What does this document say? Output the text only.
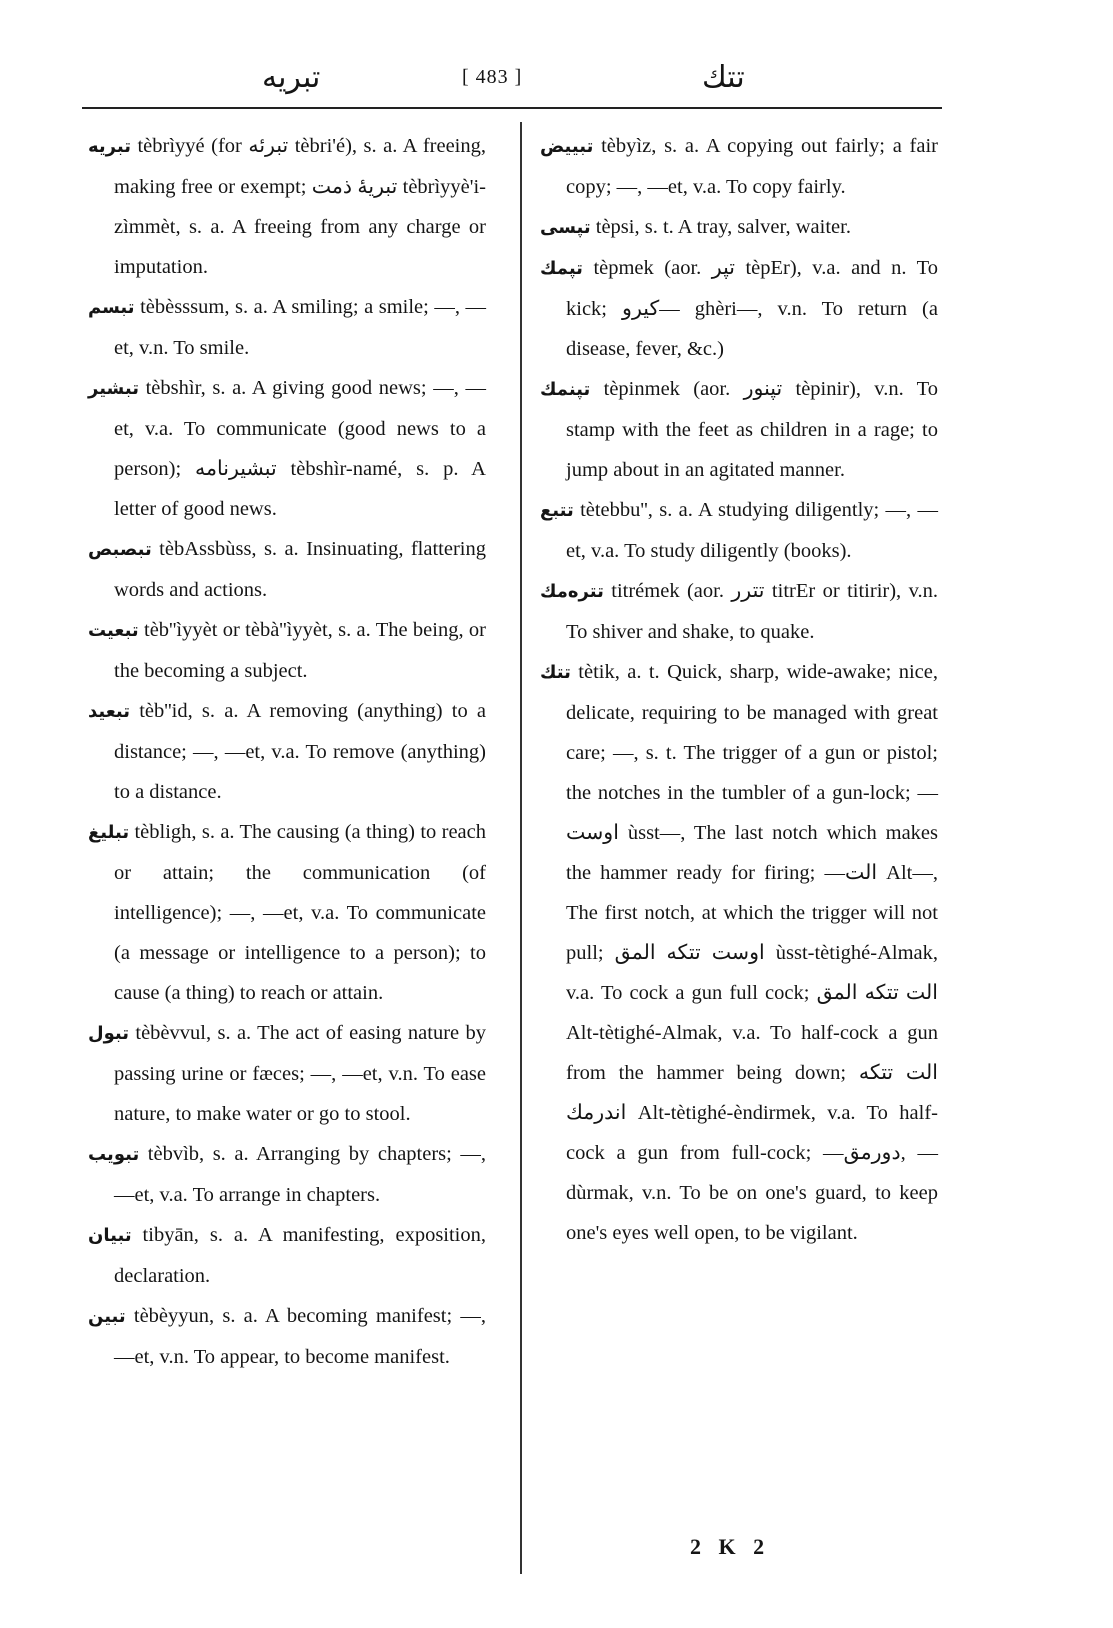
تبريه	[ 483 ]	تتك

تبريه tèbrìyyé (for تبرئه tèbri'é), s. a. A freeing, making free or exempt; تبريهٔ ذمت tèbrìyyè'i-zìmmèt, s. a. A freeing from any charge or imputation.

تبسم tèbèsssum, s. a. A smiling; a smile; —, —et, v.n. To smile.

تبشير tèbshìr, s. a. A giving good news; —, —et, v.a. To communicate (good news to a person); تبشيرنامه tèbshìr-namé, s. p. A letter of good news.

تبصبص tèbAssbùss, s. a. Insinuating, flattering words and actions.

تبعيت tèb''ìyyèt or tèbà''ìyyèt, s. a. The being, or the becoming a subject.

تبعيد tèb''id, s. a. A removing (anything) to a distance; —, —et, v.a. To remove (anything) to a distance.

تبليغ tèbligh, s. a. The causing (a thing) to reach or attain; the communication (of intelligence); —, —et, v.a. To communicate (a message or intelligence to a person); to cause (a thing) to reach or attain.

تبول tèbèvvul, s. a. The act of easing nature by passing urine or fæces; —, —et, v.n. To ease nature, to make water or go to stool.

تبويب tèbvìb, s. a. Arranging by chapters; —, —et, v.a. To arrange in chapters.

تبيان tibyān, s. a. A manifesting, exposition, declaration.

تبين tèbèyyun, s. a. A becoming manifest; —, —et, v.n. To appear, to become manifest.

تبييض tèbyìz, s. a. A copying out fairly; a fair copy; —, —et, v.a. To copy fairly.

تپسی tèpsi, s. t. A tray, salver, waiter.

تپمك tèpmek (aor. تپر tèpEr), v.a. and n. To kick; كيرو— ghèri—, v.n. To return (a disease, fever, &c.)

تپنمك tèpinmek (aor. تپنور tèpinir), v.n. To stamp with the feet as children in a rage; to jump about in an agitated manner.

تتبع tètebbu'', s. a. A studying diligently; —, —et, v.a. To study diligently (books).

تترەمك titrémek (aor. تترر titrEr or titirir), v.n. To shiver and shake, to quake.

تتك tètik, a. t. Quick, sharp, wide-awake; nice, delicate, requiring to be managed with great care; —, s. t. The trigger of a gun or pistol; the notches in the tumbler of a gun-lock; — اوست ùsst—, The last notch which makes the hammer ready for firing; —الت Alt—, The first notch, at which the trigger will not pull; اوست تتكه المق ùsst-tètighé-Almak, v.a. To cock a gun full cock; الت تتكه المق Alt-tètighé-Almak, v.a. To half-cock a gun from the hammer being down; الت تتكه اندرمك Alt-tètighé-èndirmek, v.a. To half-cock a gun from full-cock; —دورمق, —dùrmak, v.n. To be on one's guard, to keep one's eyes well open, to be vigilant.

2 K 2
